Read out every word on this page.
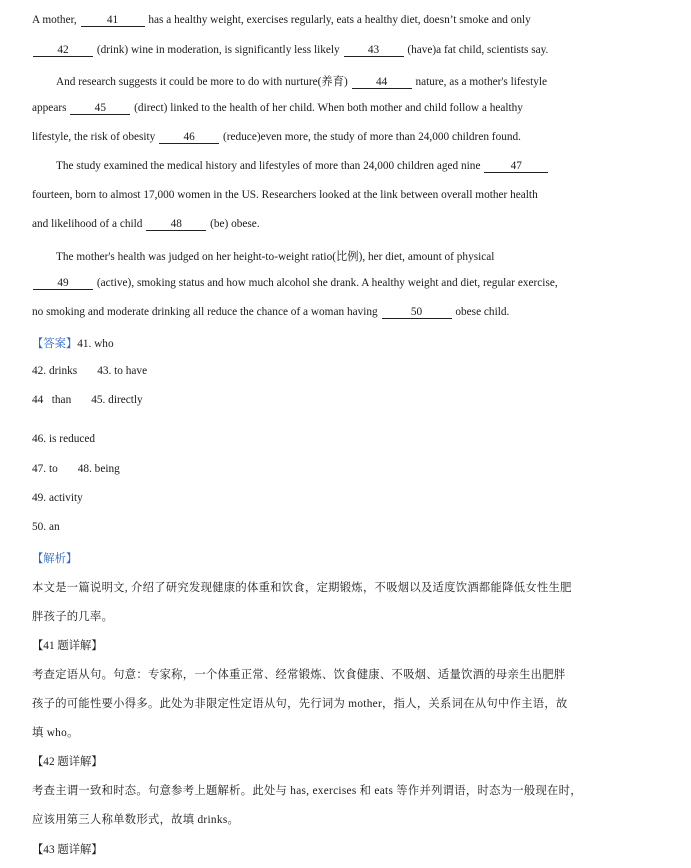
A mother,	41	has a healthy weight, exercises regularly, eats a healthy diet, doesn’t smoke and only
42 (drink) wine in moderation, is significantly less likely 43 (have)a fat child, scientists say.
And research suggests it could be more to do with nurture(养育) 44 nature, as a mother's lifestyle
appears 45 (direct) linked to the health of her child. When both mother and child follow a healthy
lifestyle, the risk of obesity 46 (reduce)even more, the study of more than 24,000 children found.
The study examined the medical history and lifestyles of more than 24,000 children aged nine	47
fourteen, born to almost 17,000 women in the US. Researchers looked at the link between overall mother health
and likelihood of a child 48 (be) obese.
The mother's health was judged on her height-to-weight ratio(比例), her diet, amount of physical
49 (active), smoking status and how much alcohol she drank. A healthy weight and diet, regular exercise,
no smoking and moderate drinking all reduce the chance of a woman having	50	obese child.
【答案】41. who
42. drinks 43. to have
44   than 45. directly
46. is reduced
47. to 48. being
49. activity
50. an
【解析】
本文是一篇说明文, 介绍了研究发现健康的体重和饮食，定期锻炼，不吸烟以及适度饮酒都能降低女性生肥
胖孩子的几率。
【41 题详解】
考查定语从句。句意：专家称，一个体重正常、经常锻炼、饮食健康、不吸烟、适量饮酒的母亲生出肥胖
孩子的可能性要小得多。此处为非限定性定语从句，先行词为 mother，指人，关系词在从句中作主语，故
填 who。
【42 题详解】
考查主谓一致和时态。句意参考上题解析。此处与 has, exercises 和 eats 等作并列谓语，时态为一般现在时，
应该用第三人称单数形式，故填 drinks。
【43 题详解】
